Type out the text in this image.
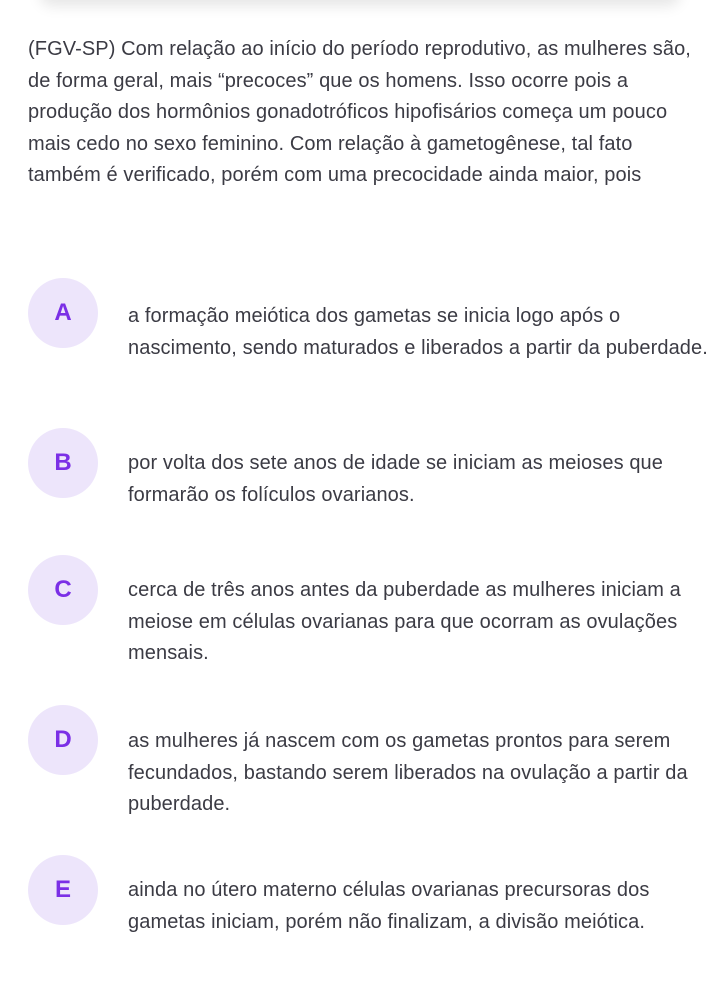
(FGV-SP) Com relação ao início do período reprodutivo, as mulheres são, de forma geral, mais “precoces” que os homens. Isso ocorre pois a produção dos hormônios gonadotróficos hipofisários começa um pouco mais cedo no sexo feminino. Com relação à gametogênese, tal fato também é verificado, porém com uma precocidade ainda maior, pois
A	a formação meiótica dos gametas se inicia logo após o nascimento, sendo maturados e liberados a partir da puberdade.
B	por volta dos sete anos de idade se iniciam as meioses que formarão os folículos ovarianos.
C	cerca de três anos antes da puberdade as mulheres iniciam a meiose em células ovarianas para que ocorram as ovulações mensais.
D	as mulheres já nascem com os gametas prontos para serem fecundados, bastando serem liberados na ovulação a partir da puberdade.
E	ainda no útero materno células ovarianas precursoras dos gametas iniciam, porém não finalizam, a divisão meiótica.
